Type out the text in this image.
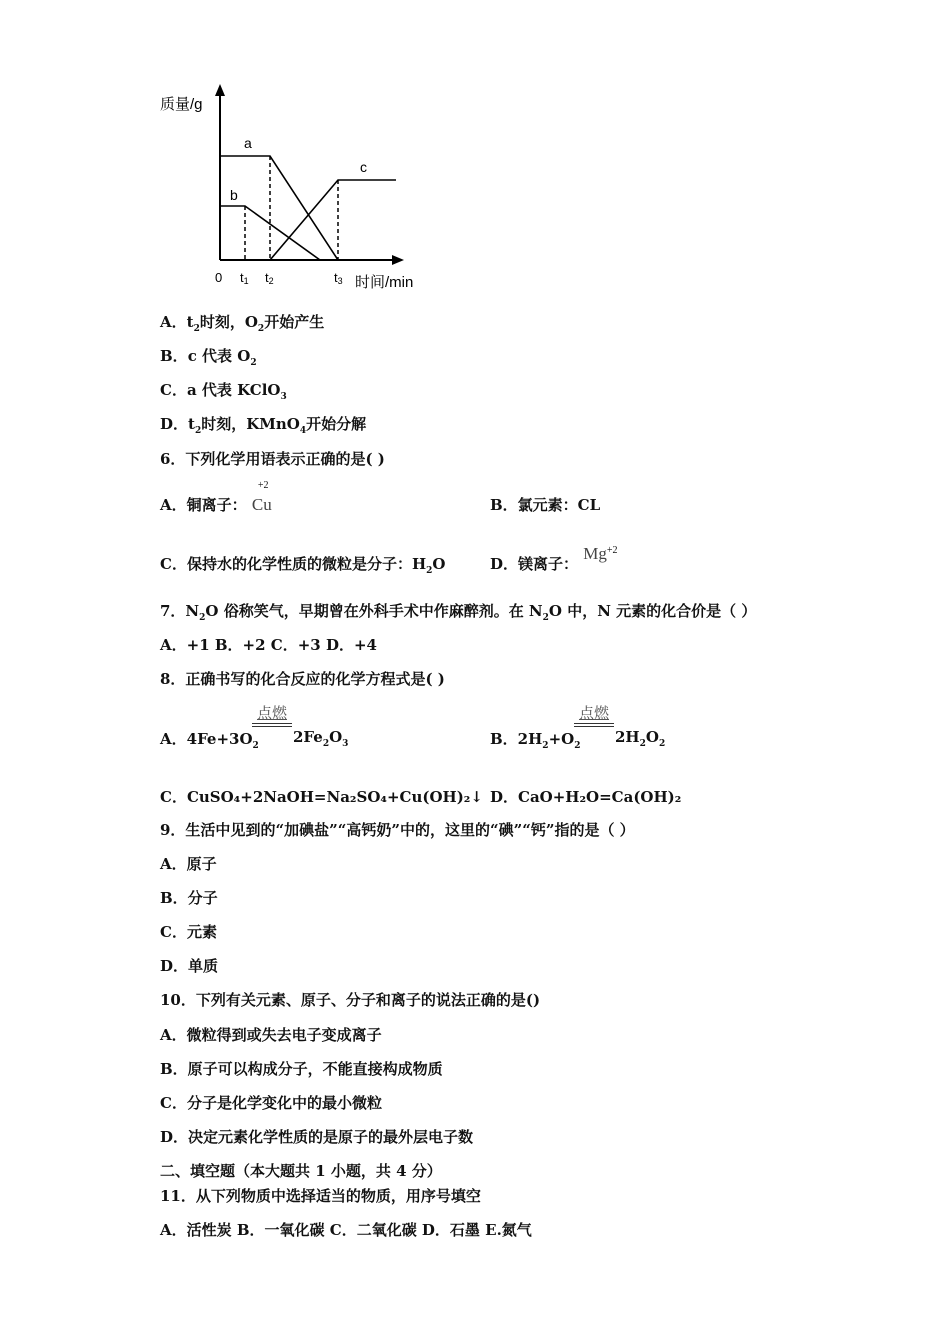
质量/g
时间/min
0 t1 t2	t3
a
b
c
A．$t_2$时刻，$O_2$开始产生
B．c 代表 $O_2$
C．a 代表 KClO$_3$
D．$t_2$时刻，KMnO$_4$开始分解
6．下列化学用语表示正确的是( )
A．铜离子：
+2
Cu	B．氯元素：CL
C．保持水的化学性质的微粒是分子：$H_2O$	D．镁离子： $Mg^{+2}$
7．$N_2O$ 俗称笑气，早期曾在外科手术中作麻醉剂。在 $N_2O$ 中，N 元素的化合价是（ ）
A．+1 B．+2 C．+3 D．+4
8．正确书写的化合反应的化学方程式是( )
A．$4Fe+3O_2$
点燃
$2Fe_2O_3$	B．$2H_2+O_2$
点燃
$2H_2O_2$
C．CuSO₄+2NaOH=Na₂SO₄+Cu(OH)₂↓ D．CaO+H₂O=Ca(OH)₂
9．生活中见到的“加碘盐”“高钙奶”中的，这里的“碘”“钙”指的是（ ）
A．原子
B．分子
C．元素
D．单质
10．下列有关元素、原子、分子和离子的说法正确的是()
A．微粒得到或失去电子变成离子
B．原子可以构成分子，不能直接构成物质
C．分子是化学变化中的最小微粒
D．决定元素化学性质的是原子的最外层电子数
二、填空题（本大题共 1 小题，共 4 分）
11．从下列物质中选择适当的物质，用序号填空
A．活性炭 B．一氧化碳 C．二氧化碳 D．石墨 E.氮气
